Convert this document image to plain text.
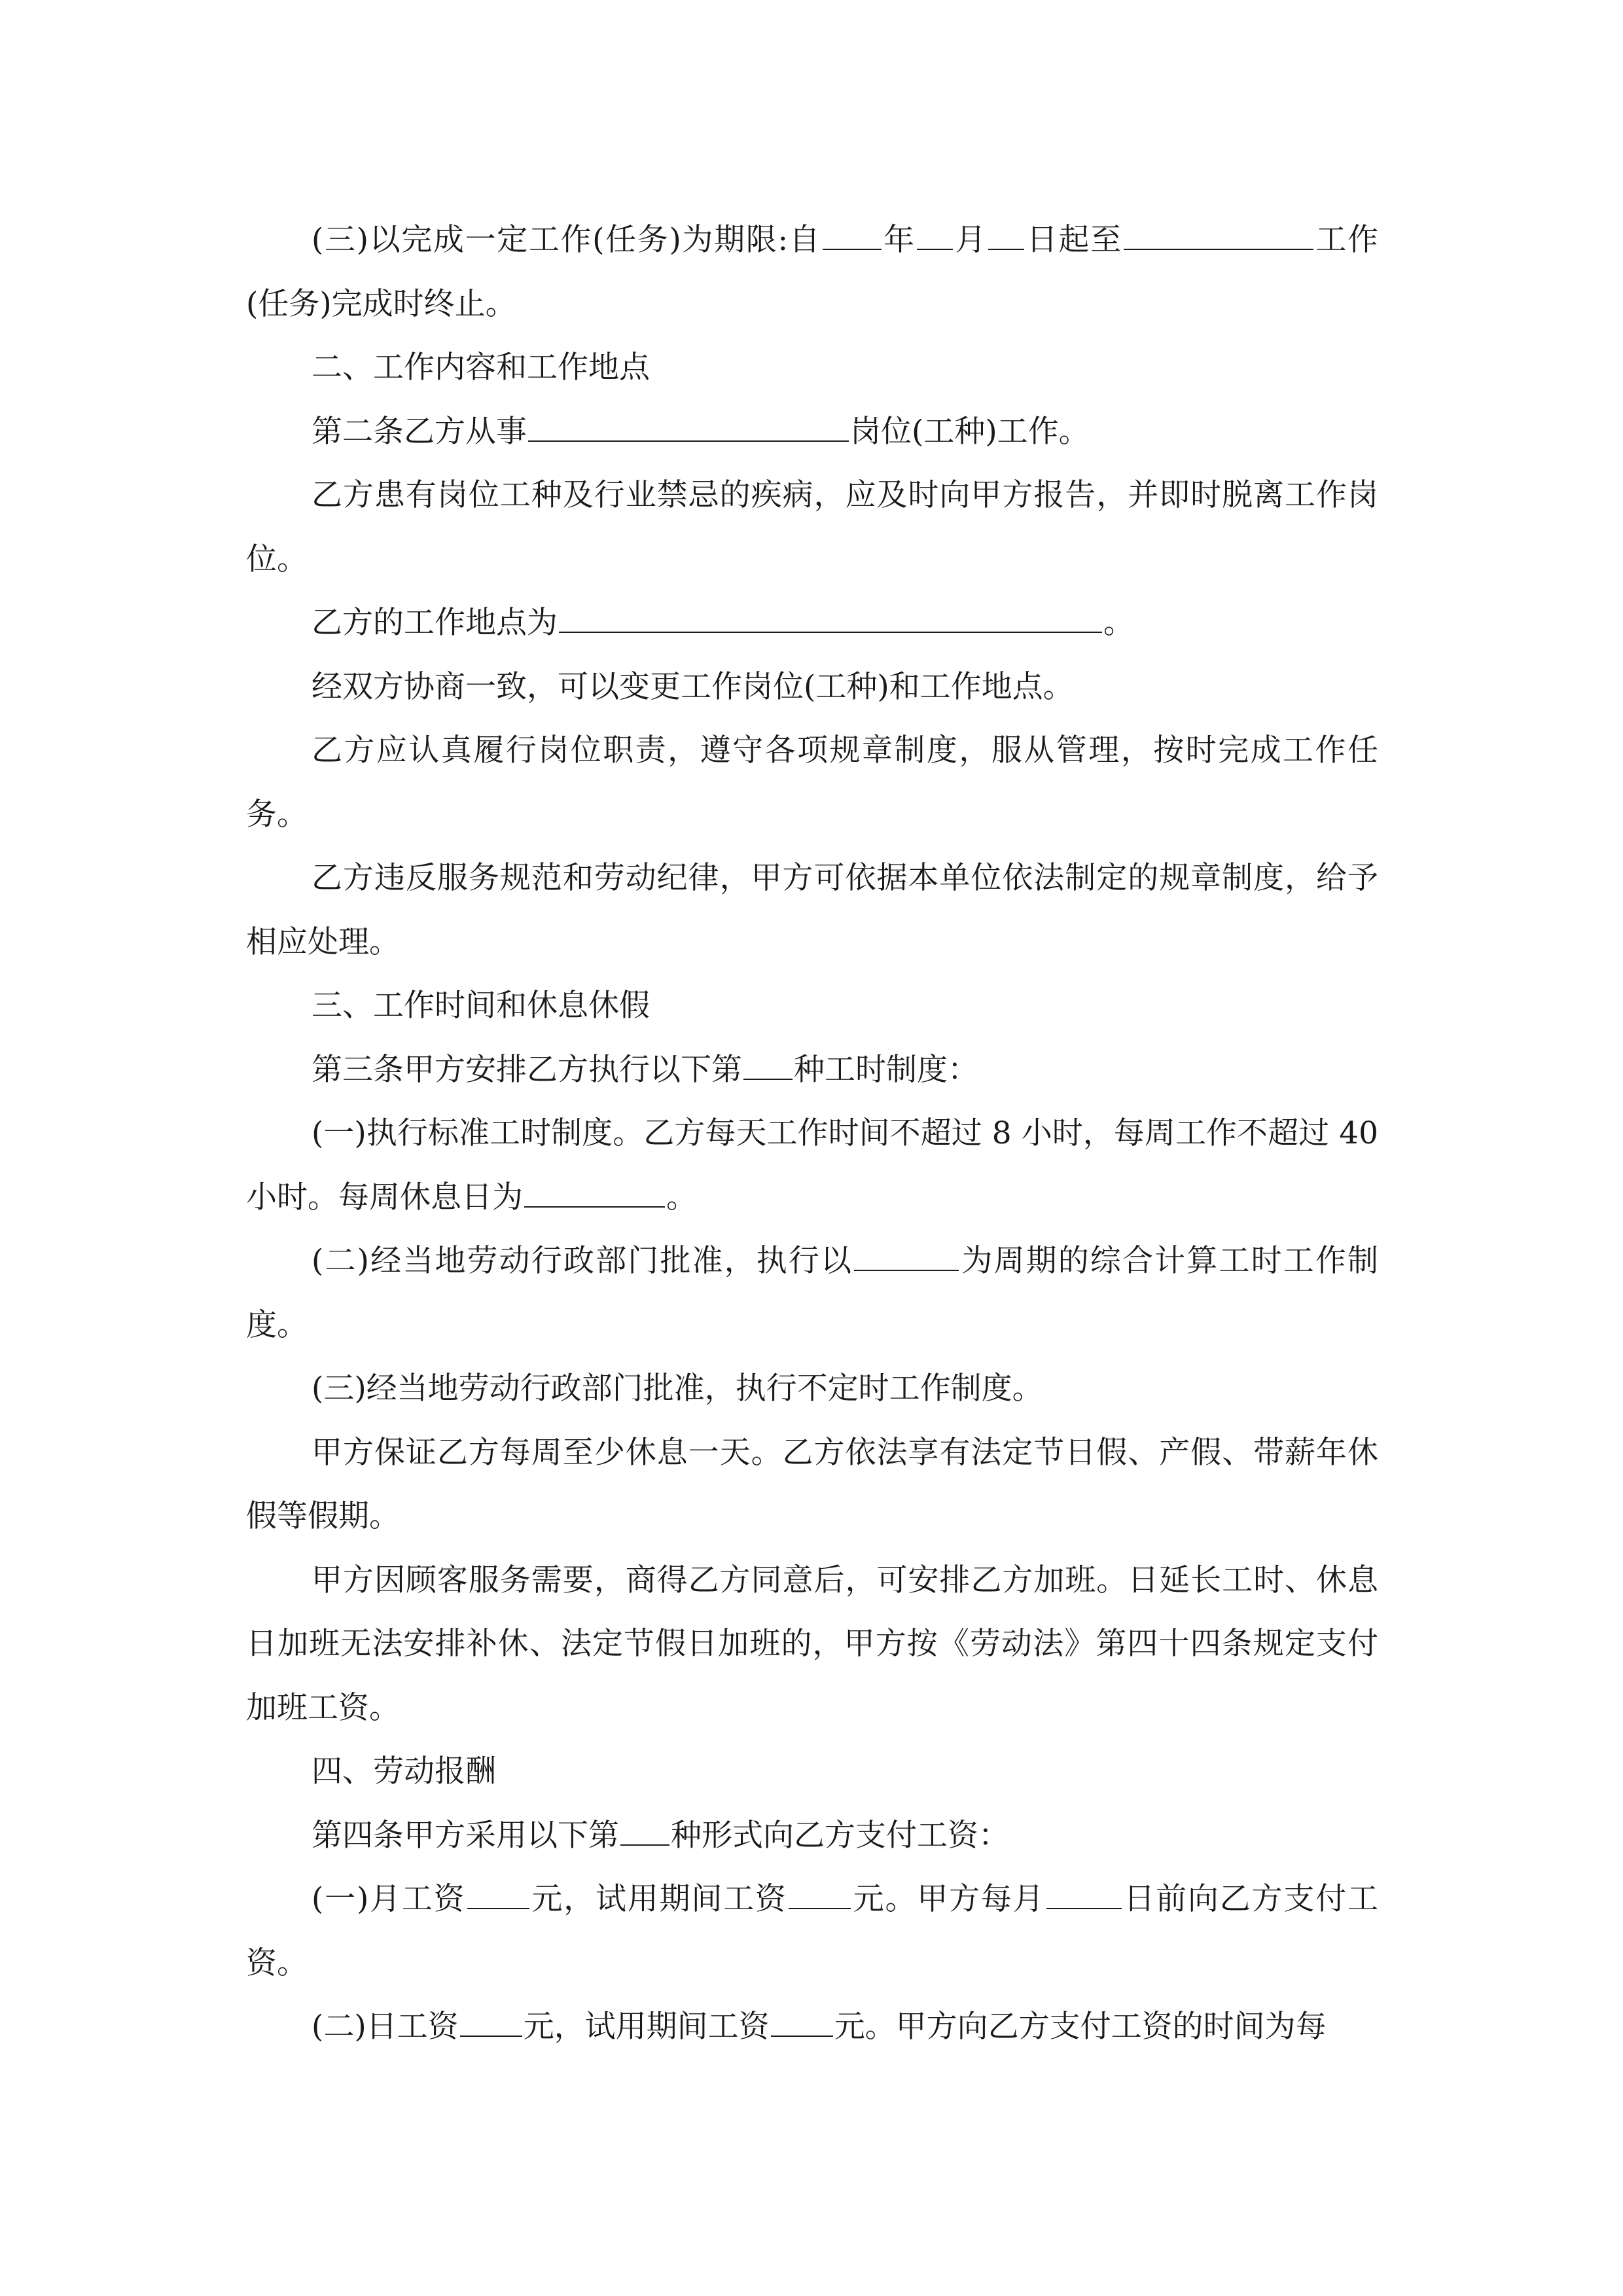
(三)以完成一定工作(任务)为期限:自 年 月 日起至	工作(任务)完成时终止。

二、工作内容和工作地点

第二条乙方从事	岗位(工种)工作。

乙方患有岗位工种及行业禁忌的疾病，应及时向甲方报告，并即时脱离工作岗位。

乙方的工作地点为	。

经双方协商一致，可以变更工作岗位(工种)和工作地点。

乙方应认真履行岗位职责，遵守各项规章制度，服从管理，按时完成工作任务。

乙方违反服务规范和劳动纪律，甲方可依据本单位依法制定的规章制度，给予相应处理。

三、工作时间和休息休假

第三条甲方安排乙方执行以下第 种工时制度：

(一)执行标准工时制度。乙方每天工作时间不超过 8 小时，每周工作不超过 40 小时。每周休息日为	。

(二)经当地劳动行政部门批准，执行以	为周期的综合计算工时工作制度。

(三)经当地劳动行政部门批准，执行不定时工作制度。

甲方保证乙方每周至少休息一天。乙方依法享有法定节日假、产假、带薪年休假等假期。

甲方因顾客服务需要，商得乙方同意后，可安排乙方加班。日延长工时、休息日加班无法安排补休、法定节假日加班的，甲方按《劳动法》第四十四条规定支付加班工资。

四、劳动报酬

第四条甲方采用以下第 种形式向乙方支付工资：

(一)月工资 元，试用期间工资 元。甲方每月	日前向乙方支付工资。

(二)日工资 元，试用期间工资 元。甲方向乙方支付工资的时间为每
